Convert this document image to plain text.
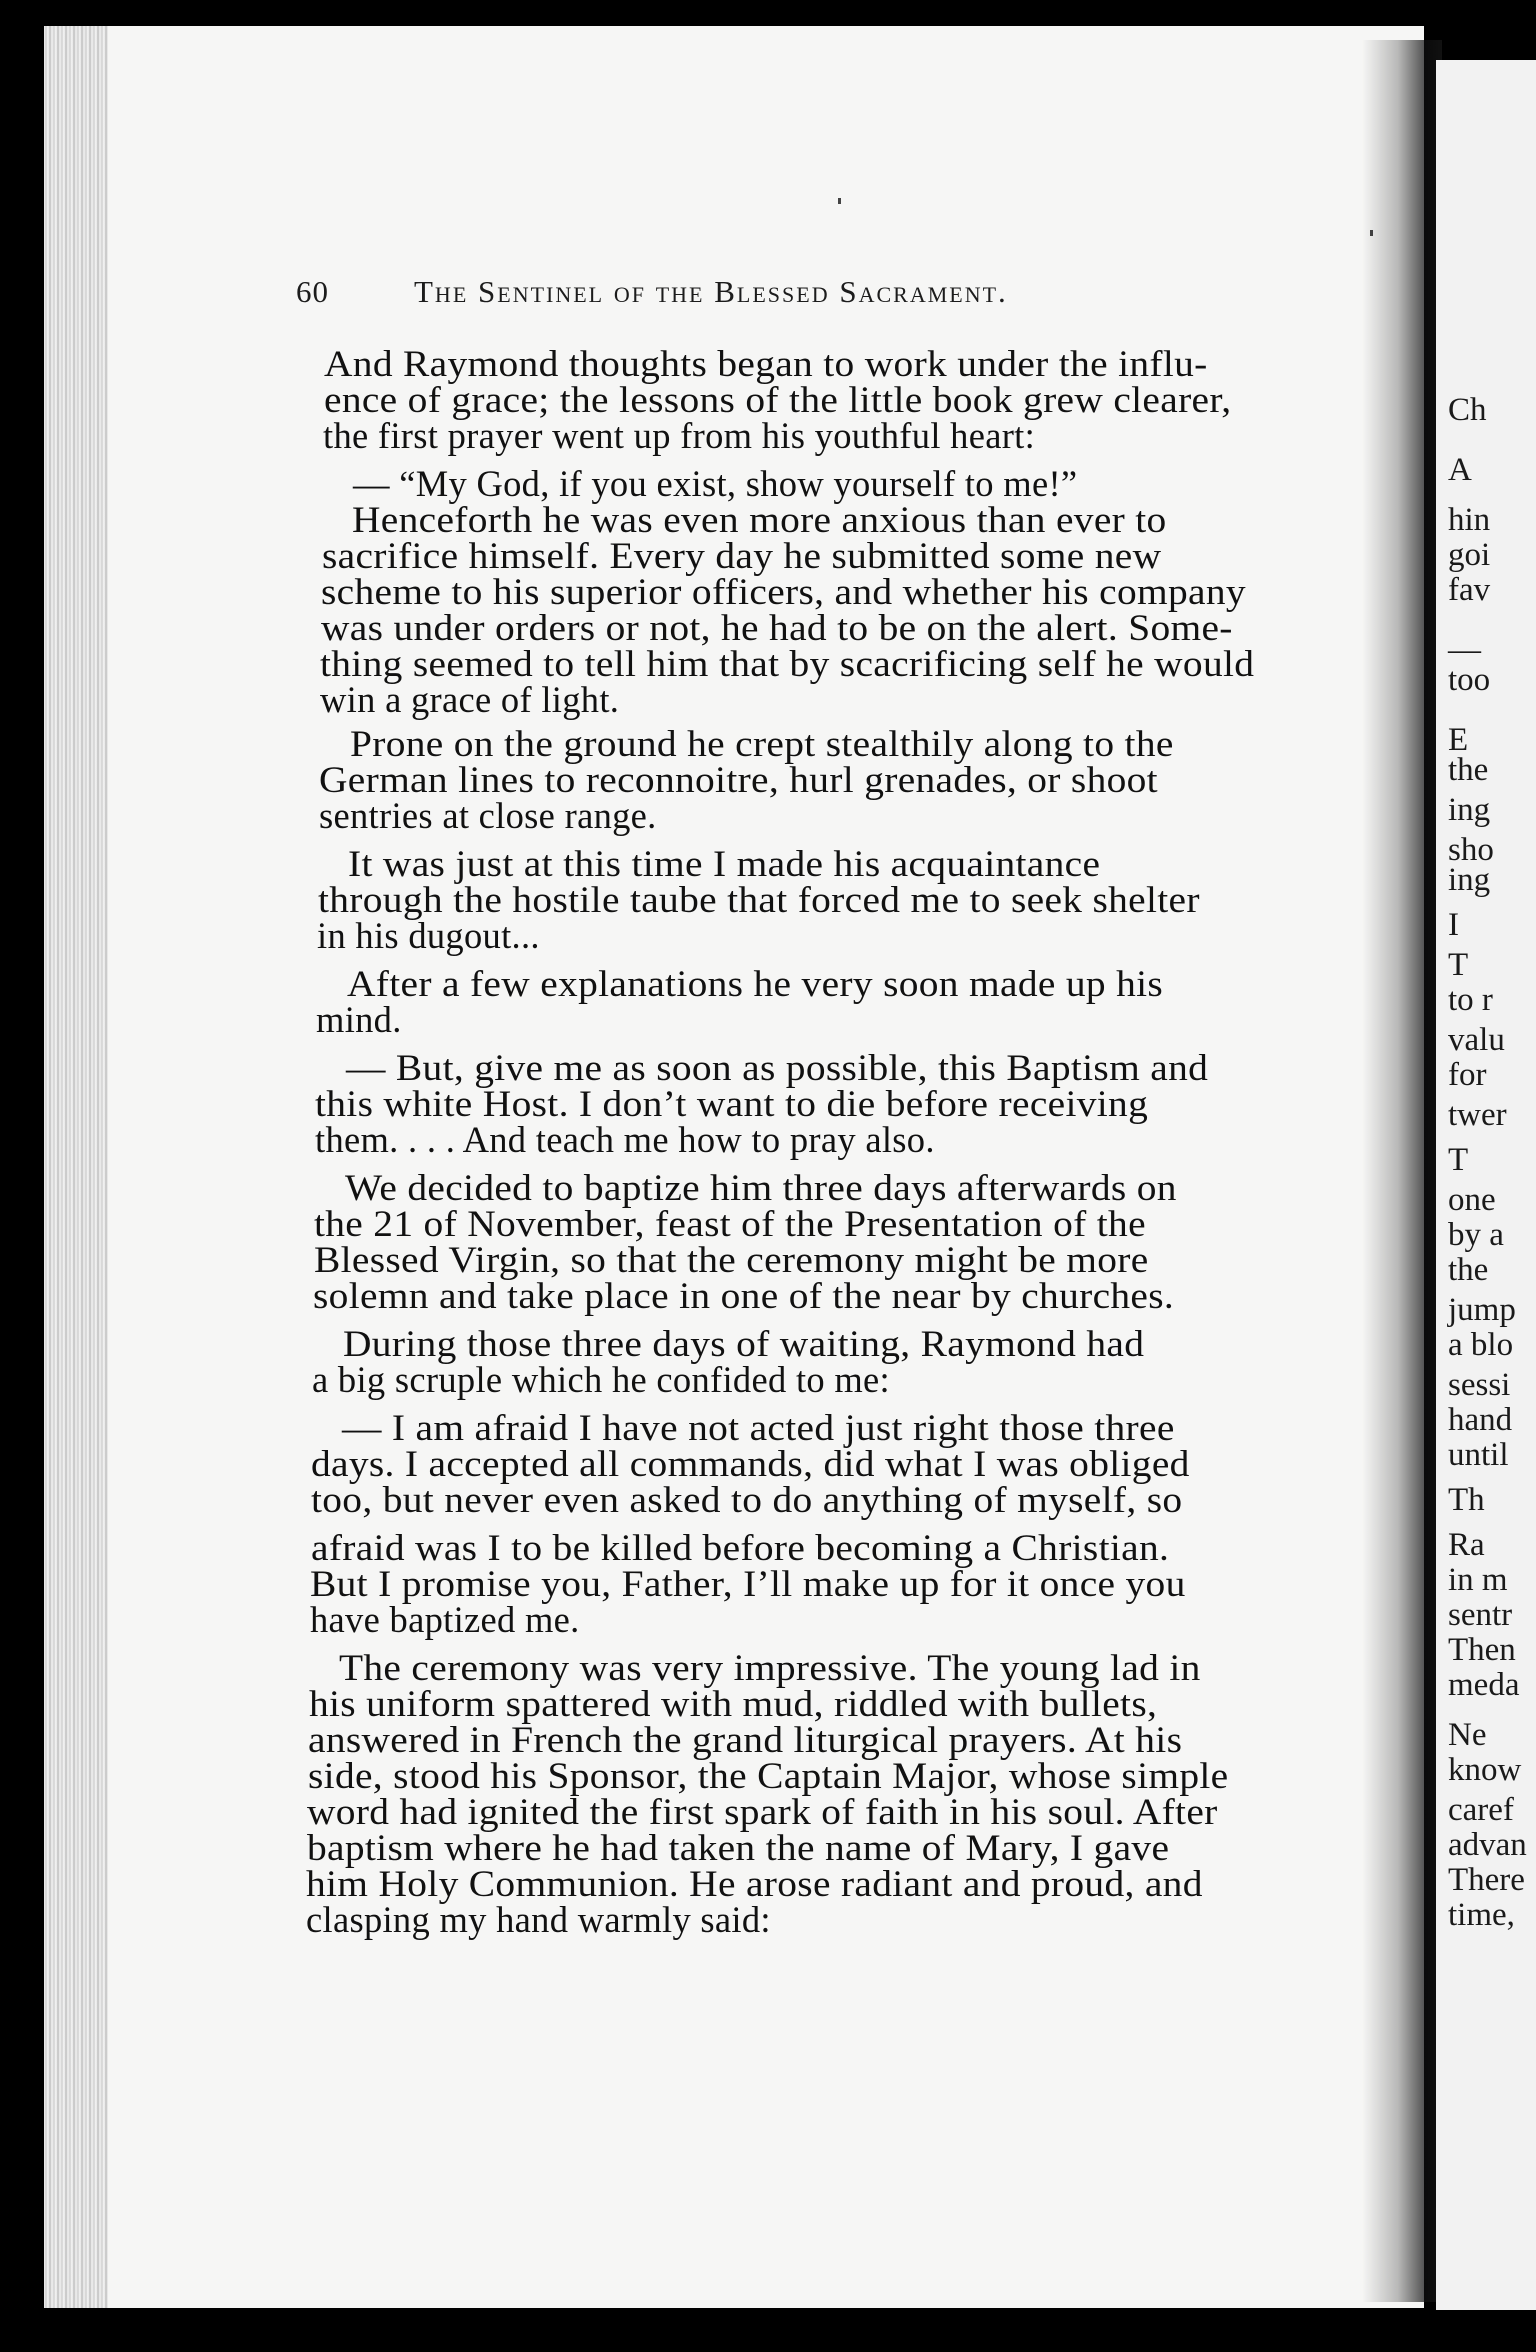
60	The Sentinel of the Blessed Sacrament.
And Raymond thoughts began to work under the influ-
ence of grace; the lessons of the little book grew clearer,
the first prayer went up from his youthful heart:
— “My God, if you exist, show yourself to me!”
Henceforth he was even more anxious than ever to
sacrifice himself. Every day he submitted some new
scheme to his superior officers, and whether his company
was under orders or not, he had to be on the alert. Some-
thing seemed to tell him that by scacrificing self he would
win a grace of light.
Prone on the ground he crept stealthily along to the
German lines to reconnoitre, hurl grenades, or shoot
sentries at close range.
It was just at this time I made his acquaintance
through the hostile taube that forced me to seek shelter
in his dugout...
After a few explanations he very soon made up his
mind.
— But, give me as soon as possible, this Baptism and
this white Host. I don’t want to die before receiving
them. . . . And teach me how to pray also.
We decided to baptize him three days afterwards on
the 21 of November, feast of the Presentation of the
Blessed Virgin, so that the ceremony might be more
solemn and take place in one of the near by churches.
During those three days of waiting, Raymond had
a big scruple which he confided to me:
— I am afraid I have not acted just right those three
days. I accepted all commands, did what I was obliged
too, but never even asked to do anything of myself, so
afraid was I to be killed before becoming a Christian.
But I promise you, Father, I’ll make up for it once you
have baptized me.
The ceremony was very impressive. The young lad in
his uniform spattered with mud, riddled with bullets,
answered in French the grand liturgical prayers. At his
side, stood his Sponsor, the Captain Major, whose simple
word had ignited the first spark of faith in his soul. After
baptism where he had taken the name of Mary, I gave
him Holy Communion. He arose radiant and proud, and
clasping my hand warmly said:
Ch
A
hin
goi
fav
—
too
E
the
ing
sho
ing
I
T
to r
valu
for
twer
T
one
by a
the
jump
a blo
sessi
hand
until
Th
Ra
in m
sentr
Then
meda
Ne
know
caref
advan
There
time,
